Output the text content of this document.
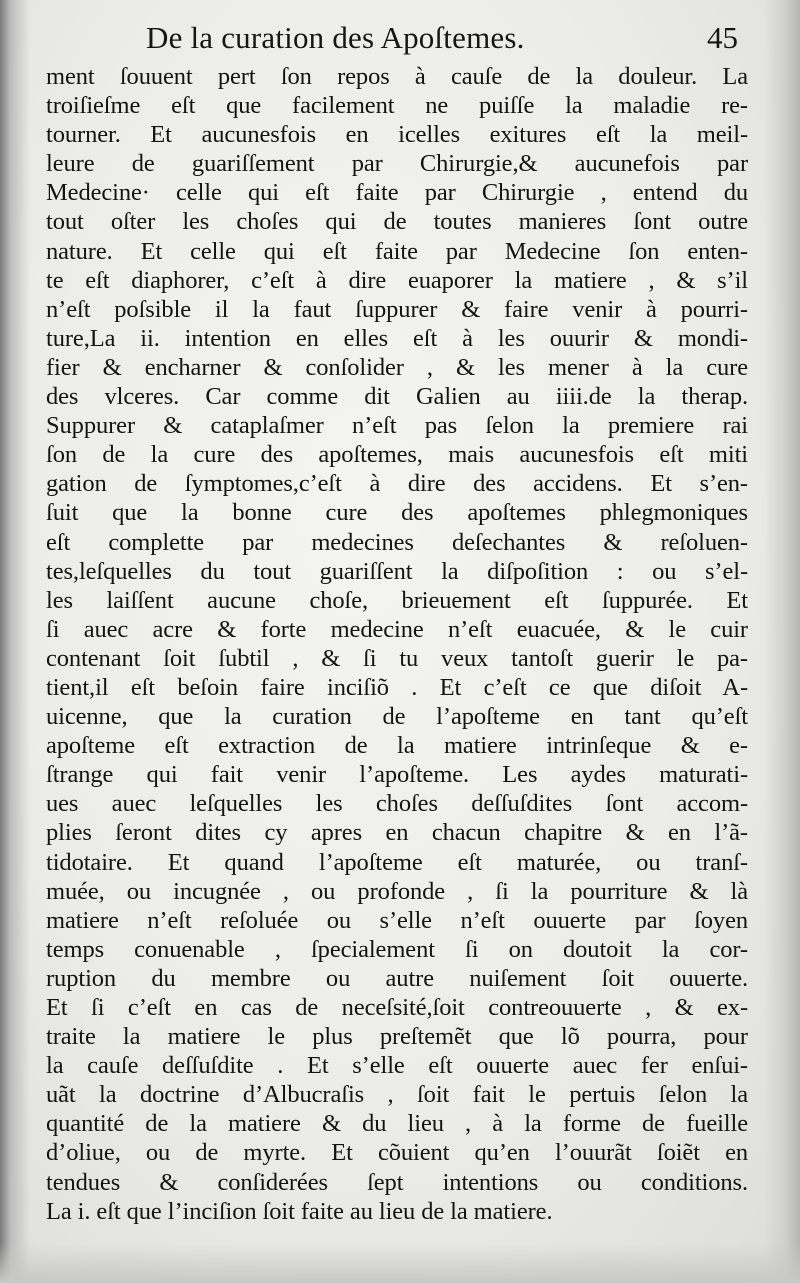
De la curation des Apoſtemes.	45
ment ſouuent pert ſon repos à cauſe de la douleur. La
troiſieſme eſt que facilement ne puiſſe la maladie re-
tourner. Et aucunesfois en icelles exitures eſt la meil-
leure de guariſſement par Chirurgie,& aucunefois par
Medecine· celle qui eſt faite par Chirurgie , entend du
tout oſter les choſes qui de toutes manieres ſont outre
nature. Et celle qui eſt faite par Medecine ſon enten-
te eſt diaphorer, c’eſt à dire euaporer la matiere , & s’il
n’eſt poſsible il la faut ſuppurer & faire venir à pourri-
ture,La ii. intention en elles eſt à les ouurir & mondi-
fier & encharner & conſolider , & les mener à la cure
des vlceres. Car comme dit Galien au iiii.de la therap.
Suppurer & cataplaſmer n’eſt pas ſelon la premiere rai
ſon de la cure des apoſtemes, mais aucunesfois eſt miti
gation de ſymptomes,c’eſt à dire des accidens. Et s’en-
ſuit que la bonne cure des apoſtemes phlegmoniques
eſt complette par medecines deſechantes & reſoluen-
tes,leſquelles du tout guariſſent la diſpoſition : ou s’el-
les laiſſent aucune choſe, brieuement eſt ſuppurée. Et
ſi auec acre & forte medecine n’eſt euacuée, & le cuir
contenant ſoit ſubtil , & ſi tu veux tantoſt guerir le pa-
tient,il eſt beſoin faire inciſiõ . Et c’eſt ce que diſoit A-
uicenne, que la curation de l’apoſteme en tant qu’eſt
apoſteme eſt extraction de la matiere intrinſeque & e-
ſtrange qui fait venir l’apoſteme. Les aydes maturati-
ues auec leſquelles les choſes deſſuſdites ſont accom-
plies ſeront dites cy apres en chacun chapitre & en l’ã-
tidotaire. Et quand l’apoſteme eſt maturée, ou tranſ-
muée, ou incugnée , ou profonde , ſi la pourriture & là
matiere n’eſt reſoluée ou s’elle n’eſt ouuerte par ſoyen
temps conuenable , ſpecialement ſi on doutoit la cor-
ruption du membre ou autre nuiſement ſoit ouuerte.
Et ſi c’eſt en cas de neceſsité,ſoit contreouuerte , & ex-
traite la matiere le plus preſtemẽt que lõ pourra, pour
la cauſe deſſuſdite . Et s’elle eſt ouuerte auec fer enſui-
uãt la doctrine d’Albucraſis , ſoit fait le pertuis ſelon la
quantité de la matiere & du lieu , à la forme de fueille
d’oliue, ou de myrte. Et cõuient qu’en l’ouurãt ſoiẽt en
tendues & conſiderées ſept intentions ou conditions.
La i. eſt que l’inciſion ſoit faite au lieu de la matiere.
